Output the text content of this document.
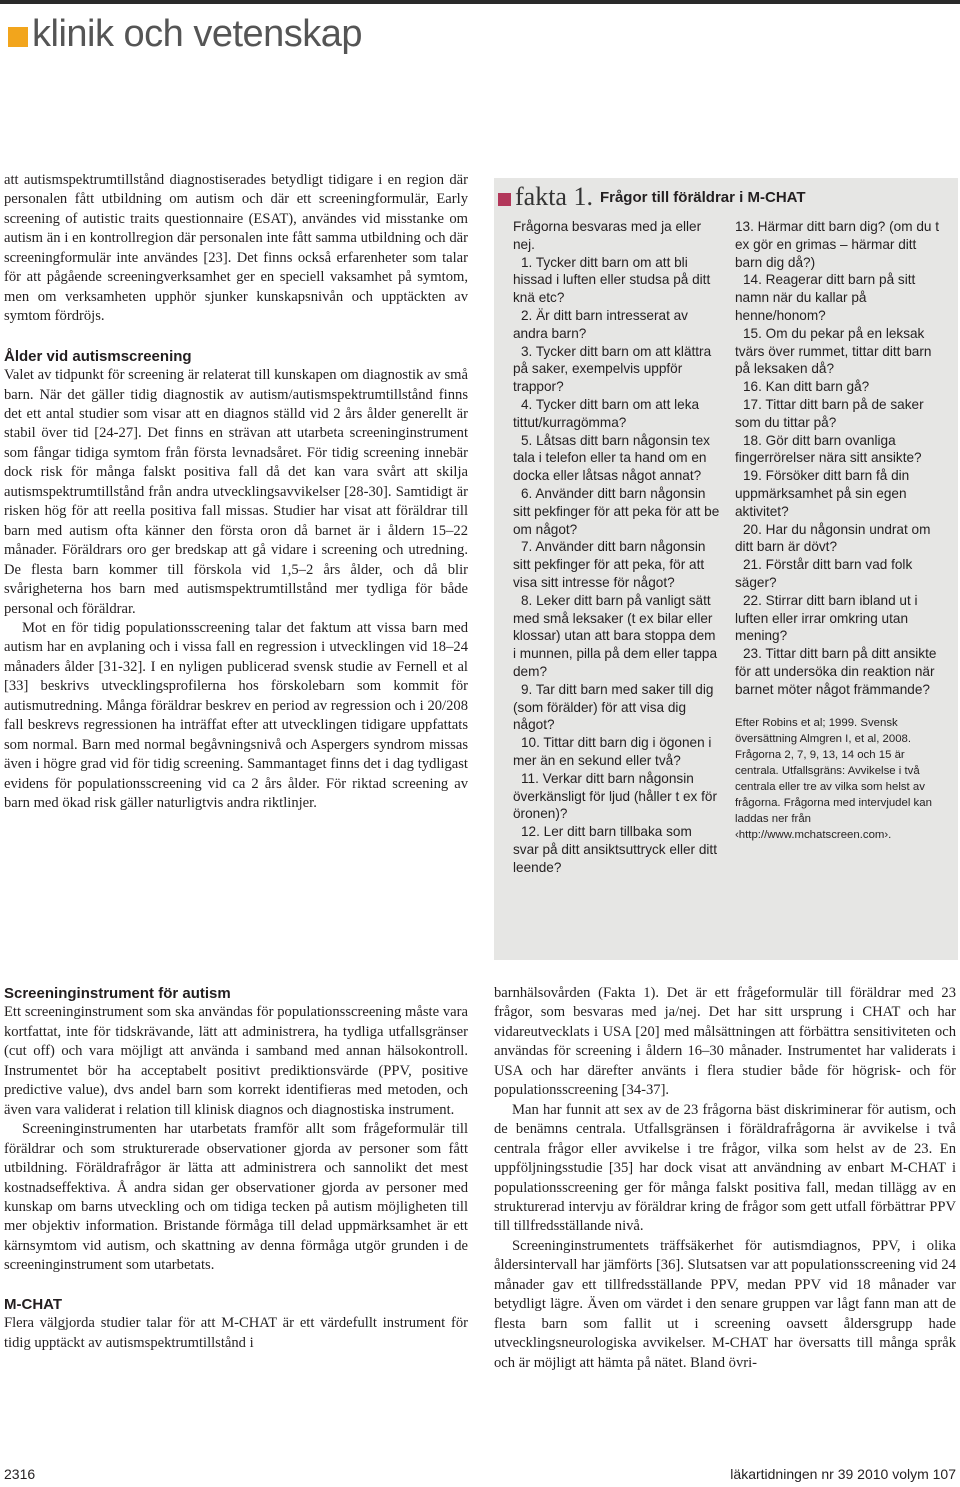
klinik och vetenskap

att autismspektrumtillstånd diagnostiserades betydligt tidigare i en region där personalen fått utbildning om autism och där ett screeningformulär, Early screening of autistic traits questionnaire (ESAT), användes vid misstanke om autism än i en kontrollregion där personalen inte fått samma utbildning och där screeningformulär inte användes [23]. Det finns också erfarenheter som talar för att pågående screeningverksamhet ger en speciell vaksamhet på symtom, men om verksamheten upphör sjunker kunskapsnivån och upptäckten av symtom fördröjs.

Ålder vid autismscreening

Valet av tidpunkt för screening är relaterat till kunskapen om diagnostik av små barn. När det gäller tidig diagnostik av autism/autismspektrumtillstånd finns det ett antal studier som visar att en diagnos ställd vid 2 års ålder generellt är stabil över tid [24-27]. Det finns en strävan att utarbeta screeninginstrument som fångar tidiga symtom från första levnadsåret. För tidig screening innebär dock risk för många falskt positiva fall då det kan vara svårt att skilja autismspektrumtillstånd från andra utvecklingsavvikelser [28-30]. Samtidigt är risken hög för att reella positiva fall missas. Studier har visat att föräldrar till barn med autism ofta känner den första oron då barnet är i åldern 15–22 månader. Föräldrars oro ger bredskap att gå vidare i screening och utredning. De flesta barn kommer till förskola vid 1,5–2 års ålder, och då blir svårigheterna hos barn med autismspektrumtillstånd mer tydliga för både personal och föräldrar.

Mot en för tidig populationsscreening talar det faktum att vissa barn med autism har en avplaning och i vissa fall en regression i utvecklingen vid 18–24 månaders ålder [31-32]. I en nyligen publicerad svensk studie av Fernell et al [33] beskrivs utvecklingsprofilerna hos förskolebarn som kommit för autismutredning. Många föräldrar beskrev en period av regression och i 20/208 fall beskrevs regressionen ha inträffat efter att utvecklingen tidigare uppfattats som normal. Barn med normal begåvningsnivå och Aspergers syndrom missas även i högre grad vid för tidig screening. Sammantaget finns det i dag tydligast evidens för populationsscreening vid ca 2 års ålder. För riktad screening av barn med ökad risk gäller naturligtvis andra riktlinjer.

Screeninginstrument för autism

Ett screeninginstrument som ska användas för populationsscreening måste vara kortfattat, inte för tidskrävande, lätt att administrera, ha tydliga utfallsgränser (cut off) och vara möjligt att använda i samband med annan hälsokontroll. Instrumentet bör ha acceptabelt positivt prediktionsvärde (PPV, positive predictive value), dvs andel barn som korrekt identifieras med metoden, och även vara validerat i relation till klinisk diagnos och diagnostiska instrument.

Screeninginstrumenten har utarbetats framför allt som frågeformulär till föräldrar och som strukturerade observationer gjorda av personer som fått utbildning. Föräldrafrågor är lätta att administrera och sannolikt det mest kostnadseffektiva. Å andra sidan ger observationer gjorda av personer med kunskap om barns utveckling och om tidiga tecken på autism möjligheten till mer objektiv information. Bristande förmåga till delad uppmärksamhet är ett kärnsymtom vid autism, och skattning av denna förmåga utgör grunden i de screeninginstrument som utarbetats.

M-CHAT

Flera välgjorda studier talar för att M-CHAT är ett värdefullt instrument för tidig upptäckt av autismspektrumtillstånd i

barnhälsovården (Fakta 1). Det är ett frågeformulär till föräldrar med 23 frågor, som besvaras med ja/nej. Det har sitt ursprung i CHAT och har vidareutvecklats i USA [20] med målsättningen att förbättra sensitiviteten och användas för screening i åldern 16–30 månader. Instrumentet har validerats i USA och har därefter använts i flera studier både för högrisk- och för populationsscreening [34-37].

Man har funnit att sex av de 23 frågorna bäst diskriminerar för autism, och de benämns centrala. Utfallsgränsen i föräldrafrågorna är avvikelse i två centrala frågor eller avvikelse i tre frågor, vilka som helst av de 23. En uppföljningsstudie [35] har dock visat att användning av enbart M-CHAT i populationsscreening ger för många falskt positiva fall, medan tillägg av en strukturerad intervju av föräldrar kring de frågor som gett utfall förbättrar PPV till tillfredsställande nivå.

Screeninginstrumentets träffsäkerhet för autismdiagnos, PPV, i olika åldersintervall har jämförts [36]. Slutsatsen var att populationsscreening vid 24 månader gav ett tillfredsställande PPV, medan PPV vid 18 månader var betydligt lägre. Även om värdet i den senare gruppen var lågt fann man att de flesta barn som fallit ut i screening oavsett åldersgrupp hade utvecklingsneurologiska avvikelser. M-CHAT har översatts till många språk och är möjligt att hämta på nätet. Bland övri-

fakta 1. Frågor till föräldrar i M-CHAT

Frågorna besvaras med ja eller nej.

1. Tycker ditt barn om att bli hissad i luften eller studsa på ditt knä etc?

2. Är ditt barn intresserat av andra barn?

3. Tycker ditt barn om att klättra på saker, exempelvis uppför trappor?

4. Tycker ditt barn om att leka tittut/kurragömma?

5. Låtsas ditt barn någonsin tex tala i telefon eller ta hand om en docka eller låtsas något annat?

6. Använder ditt barn någonsin sitt pekfinger för att peka för att be om något?

7. Använder ditt barn någonsin sitt pekfinger för att peka, för att visa sitt intresse för något?

8. Leker ditt barn på vanligt sätt med små leksaker (t ex bilar eller klossar) utan att bara stoppa dem i munnen, pilla på dem eller tappa dem?

9. Tar ditt barn med saker till dig (som förälder) för att visa dig något?

10. Tittar ditt barn dig i ögonen i mer än en sekund eller två?

11. Verkar ditt barn någonsin överkänsligt för ljud (håller t ex för öronen)?

12. Ler ditt barn tillbaka som svar på ditt ansiktsuttryck eller ditt leende?

13. Härmar ditt barn dig? (om du t ex gör en grimas – härmar ditt barn dig då?)

14. Reagerar ditt barn på sitt namn när du kallar på henne/honom?

15. Om du pekar på en leksak tvärs över rummet, tittar ditt barn på leksaken då?

16. Kan ditt barn gå?

17. Tittar ditt barn på de saker som du tittar på?

18. Gör ditt barn ovanliga fingerrörelser nära sitt ansikte?

19. Försöker ditt barn få din uppmärksamhet på sin egen aktivitet?

20. Har du någonsin undrat om ditt barn är dövt?

21. Förstår ditt barn vad folk säger?

22. Stirrar ditt barn ibland ut i luften eller irrar omkring utan mening?

23. Tittar ditt barn på ditt ansikte för att undersöka din reaktion när barnet möter något främmande?

Efter Robins et al; 1999. Svensk översättning Almgren I, et al, 2008. Frågorna 2, 7, 9, 13, 14 och 15 är centrala. Utfallsgräns: Avvikelse i två centrala eller tre av vilka som helst av frågorna. Frågorna med intervjudel kan laddas ner från ‹http://www.mchatscreen.com›.

2316	läkartidningen nr 39 2010 volym 107
